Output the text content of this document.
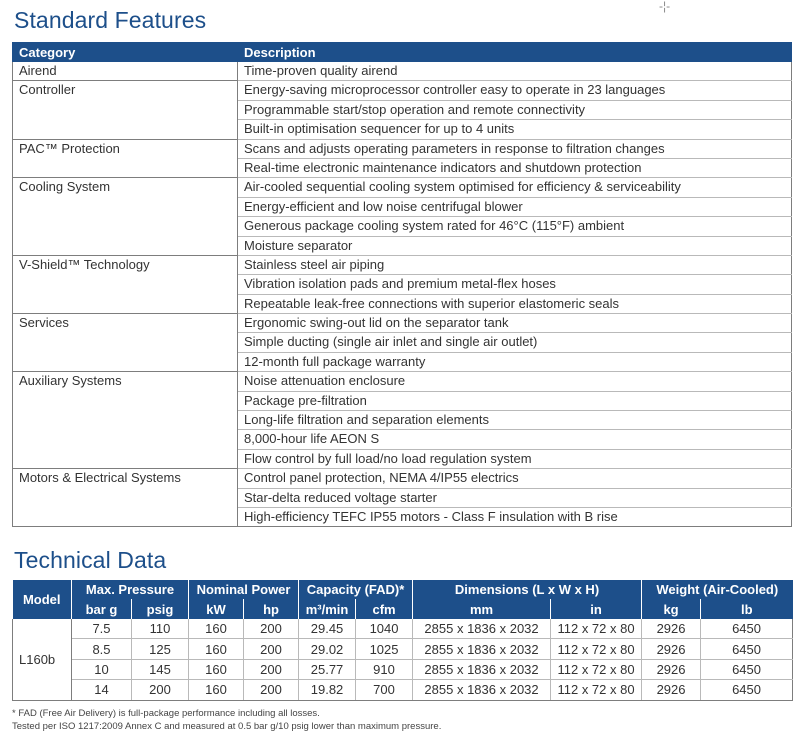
-¦-
Standard Features
Category	Description
Airend	Time-proven quality airend
Controller	Energy-saving microprocessor controller easy to operate in 23 languages
	Programmable start/stop operation and remote connectivity
	Built-in optimisation sequencer for up to 4 units
PAC™ Protection	Scans and adjusts operating parameters in response to filtration changes
	Real-time electronic maintenance indicators and shutdown protection
Cooling System	Air-cooled sequential cooling system optimised for efficiency & serviceability
	Energy-efficient and low noise centrifugal blower
	Generous package cooling system rated for 46°C (115°F) ambient
	Moisture separator
V-Shield™ Technology	Stainless steel air piping
	Vibration isolation pads and premium metal-flex hoses
	Repeatable leak-free connections with superior elastomeric seals
Services	Ergonomic swing-out lid on the separator tank
	Simple ducting (single air inlet and single air outlet)
	12-month full package warranty
Auxiliary Systems	Noise attenuation enclosure
	Package pre-filtration
	Long-life filtration and separation elements
	8,000-hour life AEON S
	Flow control by full load/no load regulation system
Motors & Electrical Systems	Control panel protection, NEMA 4/IP55 electrics
	Star-delta reduced voltage starter
	High-efficiency TEFC IP55 motors - Class F insulation with B rise
Technical Data
Model	Max. Pressure		Nominal Power		Capacity (FAD)*		Dimensions (L x W x H)		Weight (Air-Cooled)	
	bar g	psig	kW	hp	m³/min	cfm	mm	in	kg	lb
L160b	7.5	110	160	200	29.45	1040	2855 x 1836 x 2032	112 x 72 x 80	2926	6450
	8.5	125	160	200	29.02	1025	2855 x 1836 x 2032	112 x 72 x 80	2926	6450
	10	145	160	200	25.77	910	2855 x 1836 x 2032	112 x 72 x 80	2926	6450
	14	200	160	200	19.82	700	2855 x 1836 x 2032	112 x 72 x 80	2926	6450
* FAD (Free Air Delivery) is full-package performance including all losses.
Tested per ISO 1217:2009 Annex C and measured at 0.5 bar g/10 psig lower than maximum pressure.
